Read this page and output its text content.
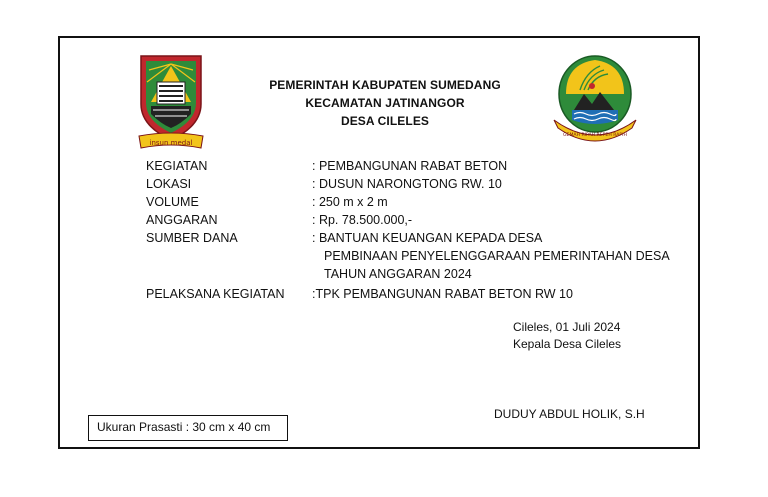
insun medal
PEMERINTAH KABUPATEN SUMEDANG
KECAMATAN JATINANGOR
DESA CILELES
GEMAH RIPAH REPEH RAPIH
KEGIATAN	: PEMBANGUNAN RABAT BETON
LOKASI	: DUSUN NARONGTONG RW. 10
VOLUME	: 250 m x 2 m
ANGGARAN	: Rp. 78.500.000,-
SUMBER DANA	: BANTUAN KEUANGAN KEPADA DESA
PEMBINAAN PENYELENGGARAAN PEMERINTAHAN DESA
TAHUN ANGGARAN 2024
PELAKSANA KEGIATAN :TPK PEMBANGUNAN RABAT BETON RW 10
Cileles, 01 Juli 2024
Kepala Desa Cileles
DUDUY ABDUL HOLIK, S.H
Ukuran Prasasti : 30 cm x 40 cm
